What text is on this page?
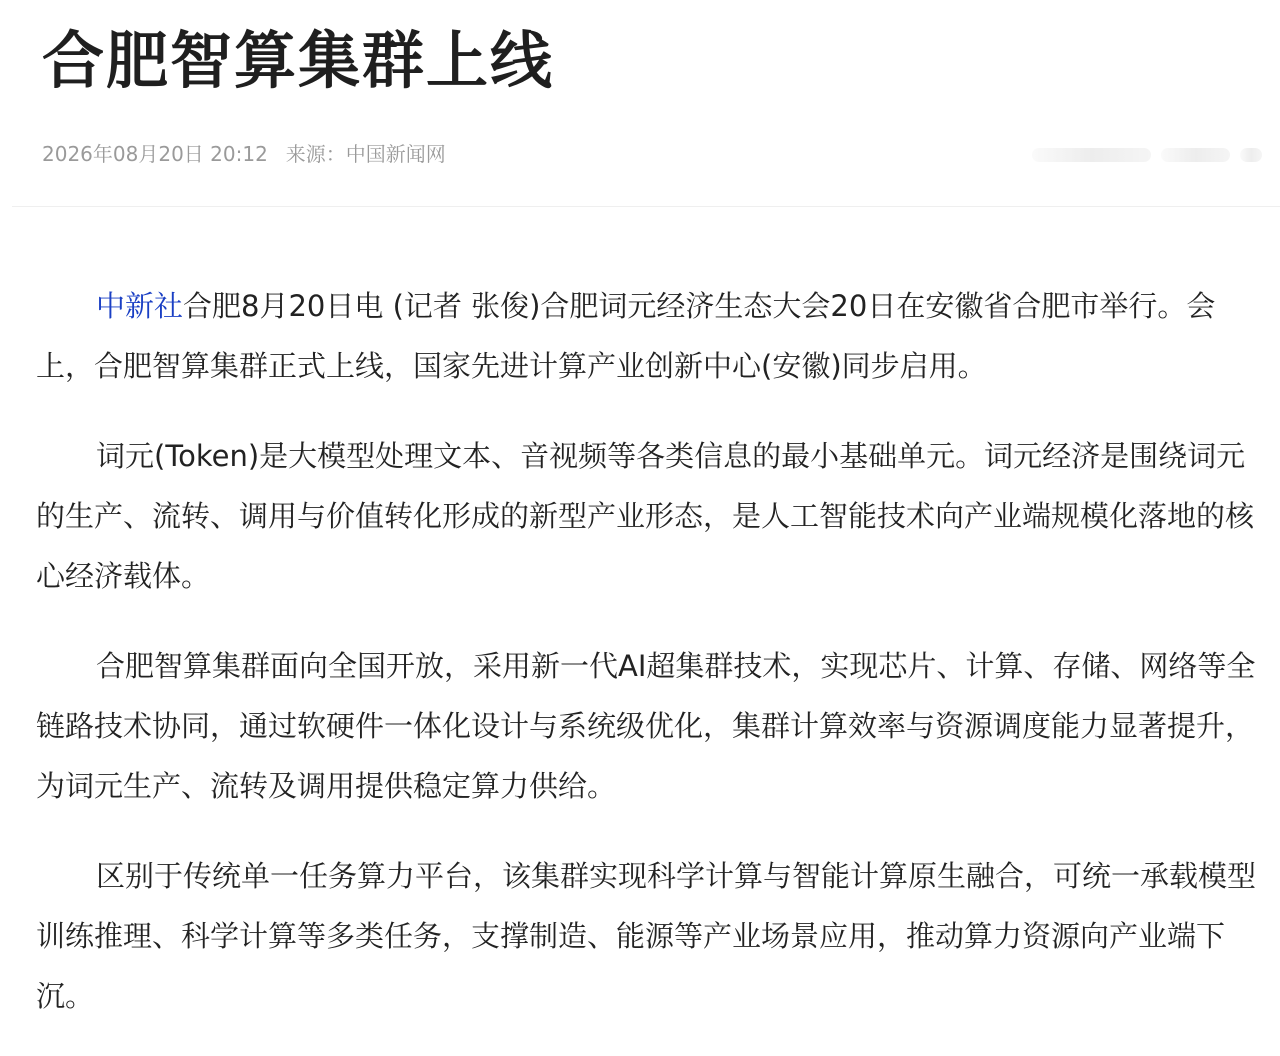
合肥智算集群上线
2026年08月20日 20:12 来源：中国新闻网

中新社合肥8月20日电 (记者 张俊)合肥词元经济生态大会20日在安徽省合肥市举行。会上，合肥智算集群正式上线，国家先进计算产业创新中心(安徽)同步启用。

词元(Token)是大模型处理文本、音视频等各类信息的最小基础单元。词元经济是围绕词元的生产、流转、调用与价值转化形成的新型产业形态，是人工智能技术向产业端规模化落地的核心经济载体。

合肥智算集群面向全国开放，采用新一代AI超集群技术，实现芯片、计算、存储、网络等全链路技术协同，通过软硬件一体化设计与系统级优化，集群计算效率与资源调度能力显著提升，为词元生产、流转及调用提供稳定算力供给。

区别于传统单一任务算力平台，该集群实现科学计算与智能计算原生融合，可统一承载模型训练推理、科学计算等多类任务，支撑制造、能源等产业场景应用，推动算力资源向产业端下沉。
